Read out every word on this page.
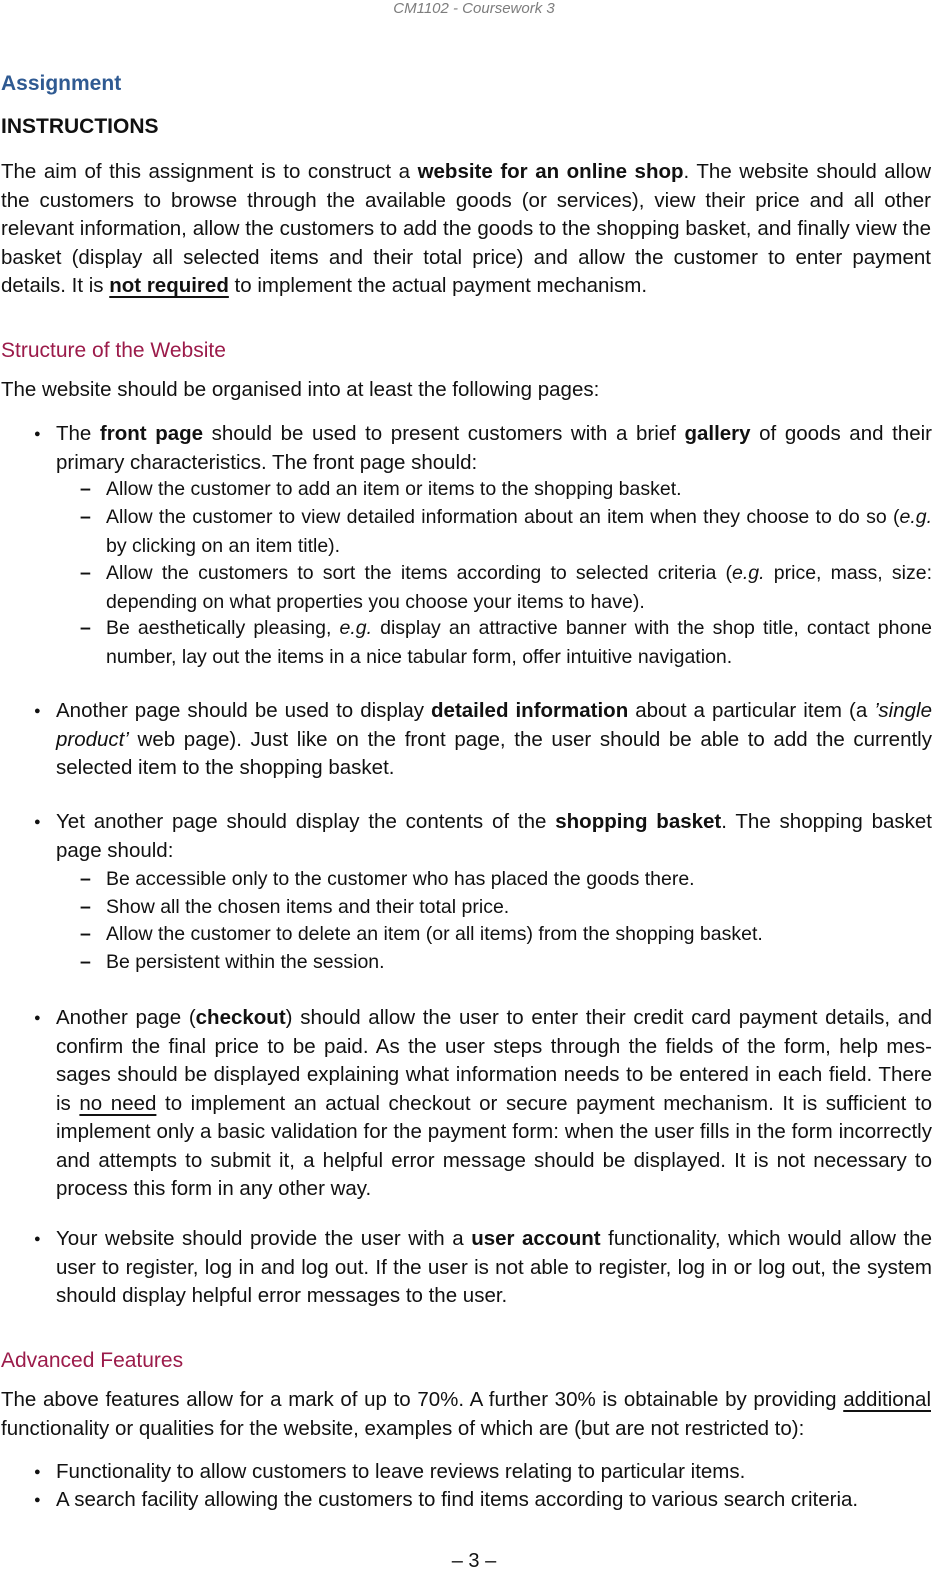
CM1102 - Coursework 3
Assignment
INSTRUCTIONS
The aim of this assignment is to construct a website for an online shop. The website should allow the customers to browse through the available goods (or services), view their price and all other relevant information, allow the customers to add the goods to the shopping basket, and finally view the basket (display all selected items and their total price) and allow the customer to enter payment details. It is not required to implement the actual payment mechanism.
Structure of the Website
The website should be organised into at least the following pages:
● The front page should be used to present customers with a brief gallery of goods and their primary characteristics. The front page should:
– Allow the customer to add an item or items to the shopping basket.
– Allow the customer to view detailed information about an item when they choose to do so (e.g. by clicking on an item title).
– Allow the customers to sort the items according to selected criteria (e.g. price, mass, size: depending on what properties you choose your items to have).
– Be aesthetically pleasing, e.g. display an attractive banner with the shop title, contact phone number, lay out the items in a nice tabular form, offer intuitive navigation.
● Another page should be used to display detailed information about a particular item (a ’single product’ web page). Just like on the front page, the user should be able to add the currently selected item to the shopping basket.
● Yet another page should display the contents of the shopping basket. The shopping basket page should:
– Be accessible only to the customer who has placed the goods there.
– Show all the chosen items and their total price.
– Allow the customer to delete an item (or all items) from the shopping basket.
– Be persistent within the session.
● Another page (checkout) should allow the user to enter their credit card payment details, and confirm the final price to be paid. As the user steps through the fields of the form, help mes-sages should be displayed explaining what information needs to be entered in each field. There is no need to implement an actual checkout or secure payment mechanism. It is sufficient to implement only a basic validation for the payment form: when the user fills in the form incorrectly and attempts to submit it, a helpful error message should be displayed. It is not necessary to process this form in any other way.
● Your website should provide the user with a user account functionality, which would allow the user to register, log in and log out. If the user is not able to register, log in or log out, the system should display helpful error messages to the user.
Advanced Features
The above features allow for a mark of up to 70%. A further 30% is obtainable by providing additional functionality or qualities for the website, examples of which are (but are not restricted to):
● Functionality to allow customers to leave reviews relating to particular items.
● A search facility allowing the customers to find items according to various search criteria.
– 3 –
